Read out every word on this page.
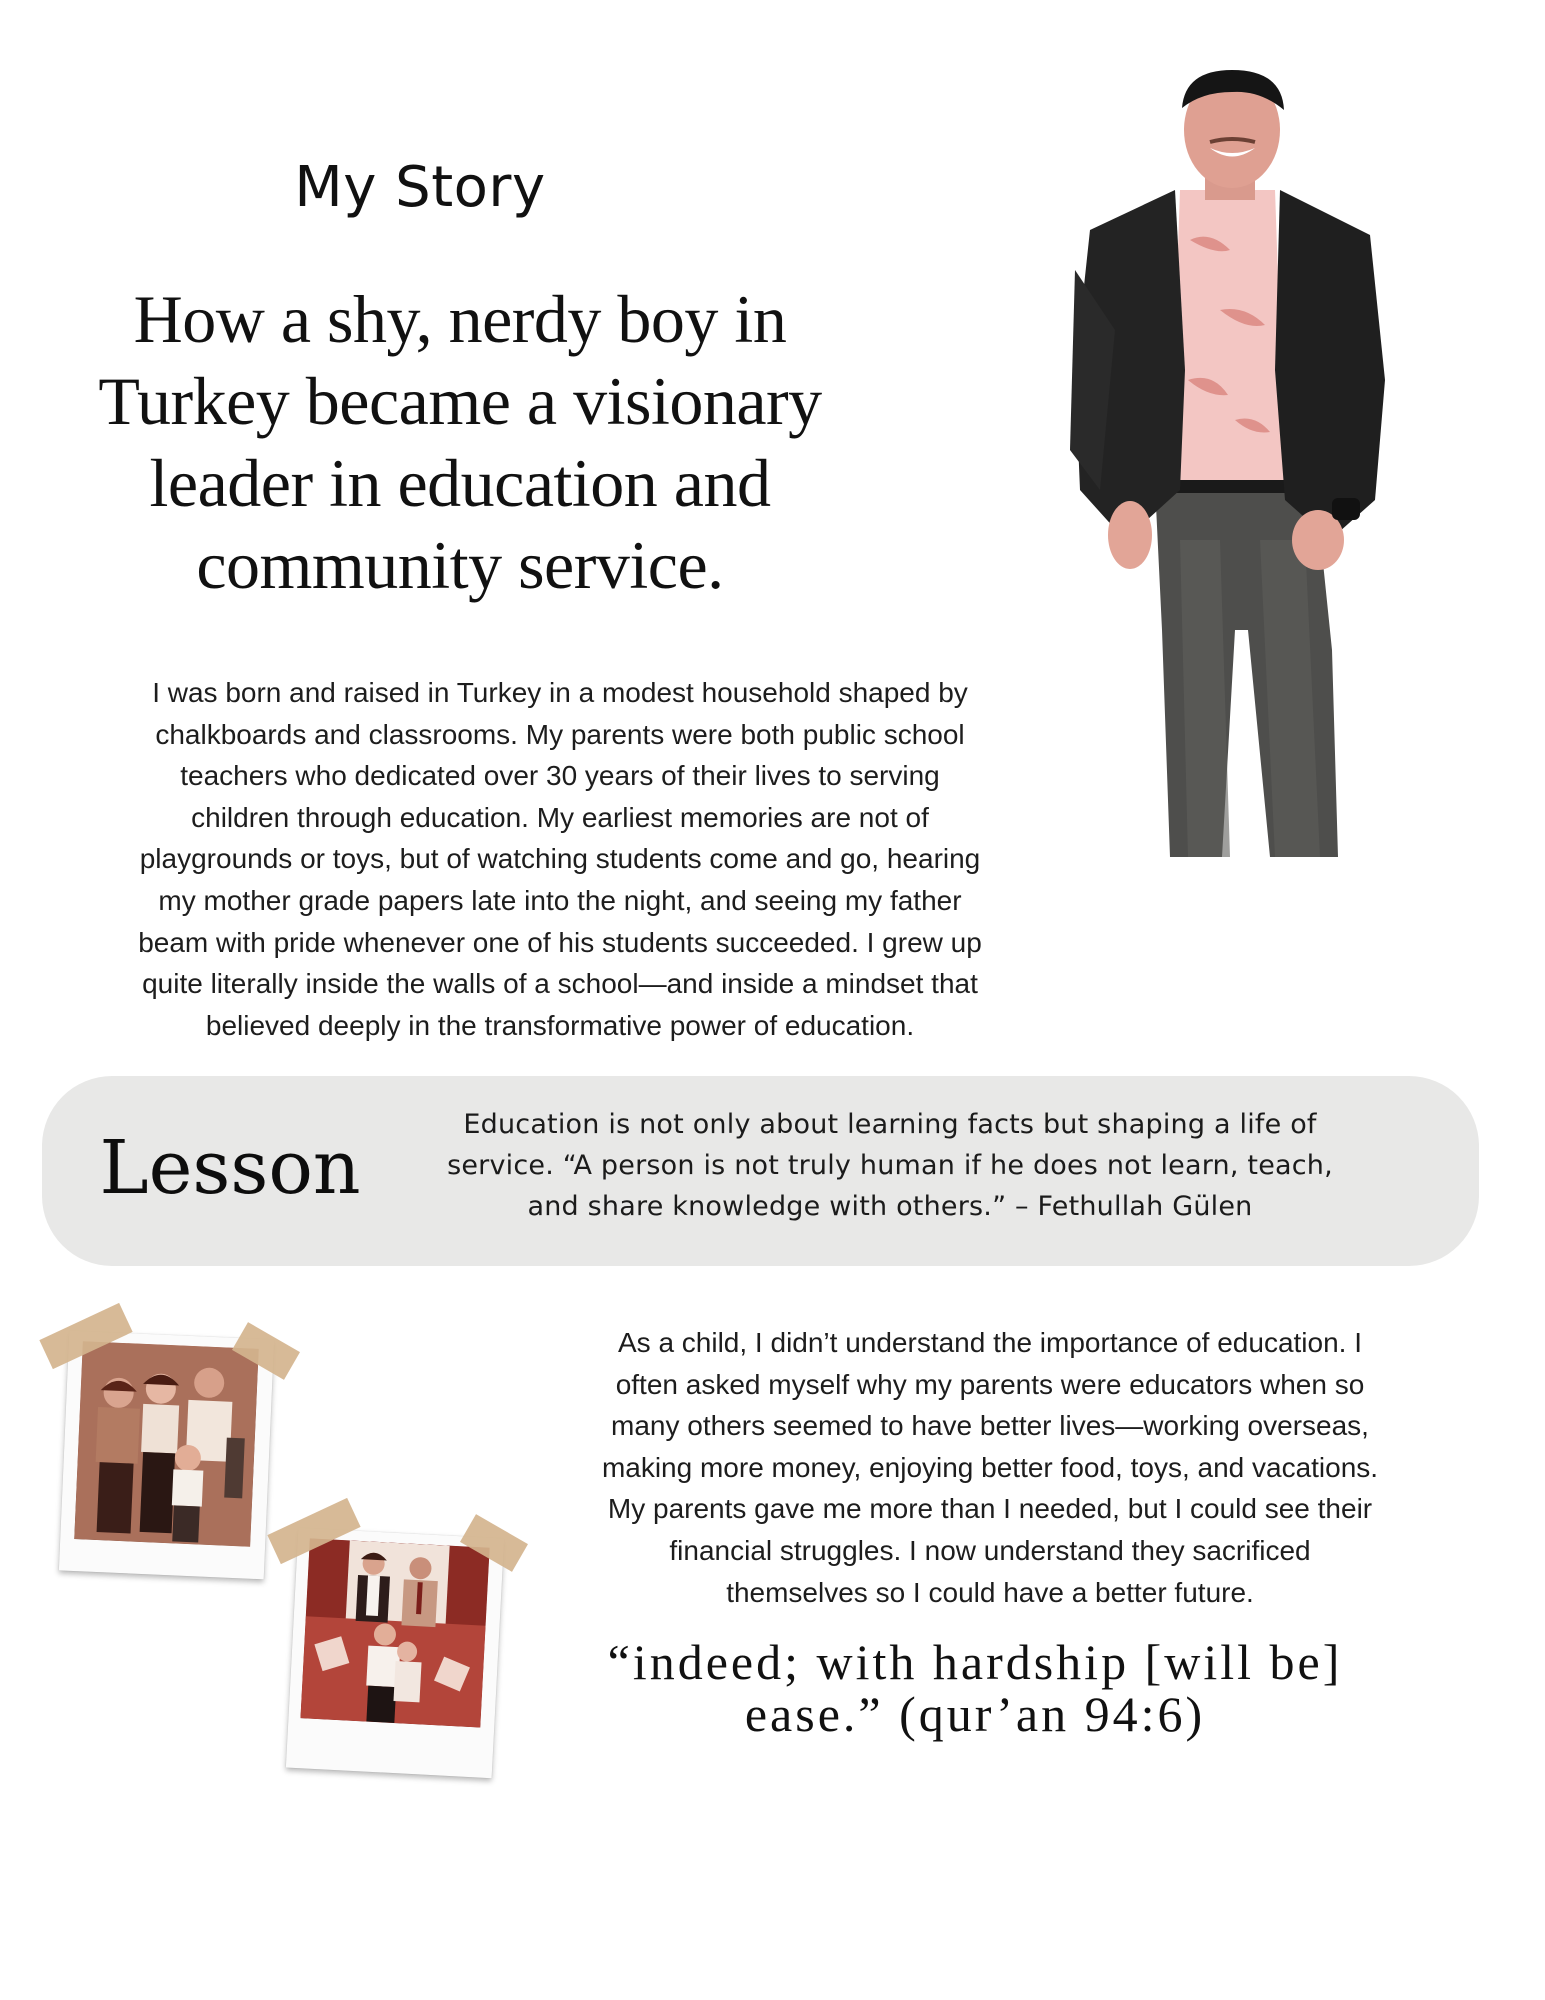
My Story
How a shy, nerdy boy in
Turkey became a visionary
leader in education and
community service.
I was born and raised in Turkey in a modest household shaped by
chalkboards and classrooms. My parents were both public school
teachers who dedicated over 30 years of their lives to serving
children through education. My earliest memories are not of
playgrounds or toys, but of watching students come and go, hearing
my mother grade papers late into the night, and seeing my father
beam with pride whenever one of his students succeeded. I grew up
quite literally inside the walls of a school—and inside a mindset that
believed deeply in the transformative power of education.
Lesson
Education is not only about learning facts but shaping a life of
service. “A person is not truly human if he does not learn, teach,
and share knowledge with others.” – Fethullah Gülen
As a child, I didn’t understand the importance of education. I
often asked myself why my parents were educators when so
many others seemed to have better lives—working overseas,
making more money, enjoying better food, toys, and vacations.
My parents gave me more than I needed, but I could see their
financial struggles. I now understand they sacrificed
themselves so I could have a better future.
“indeed; with hardship [will be]
ease.” (qur’an 94:6)
